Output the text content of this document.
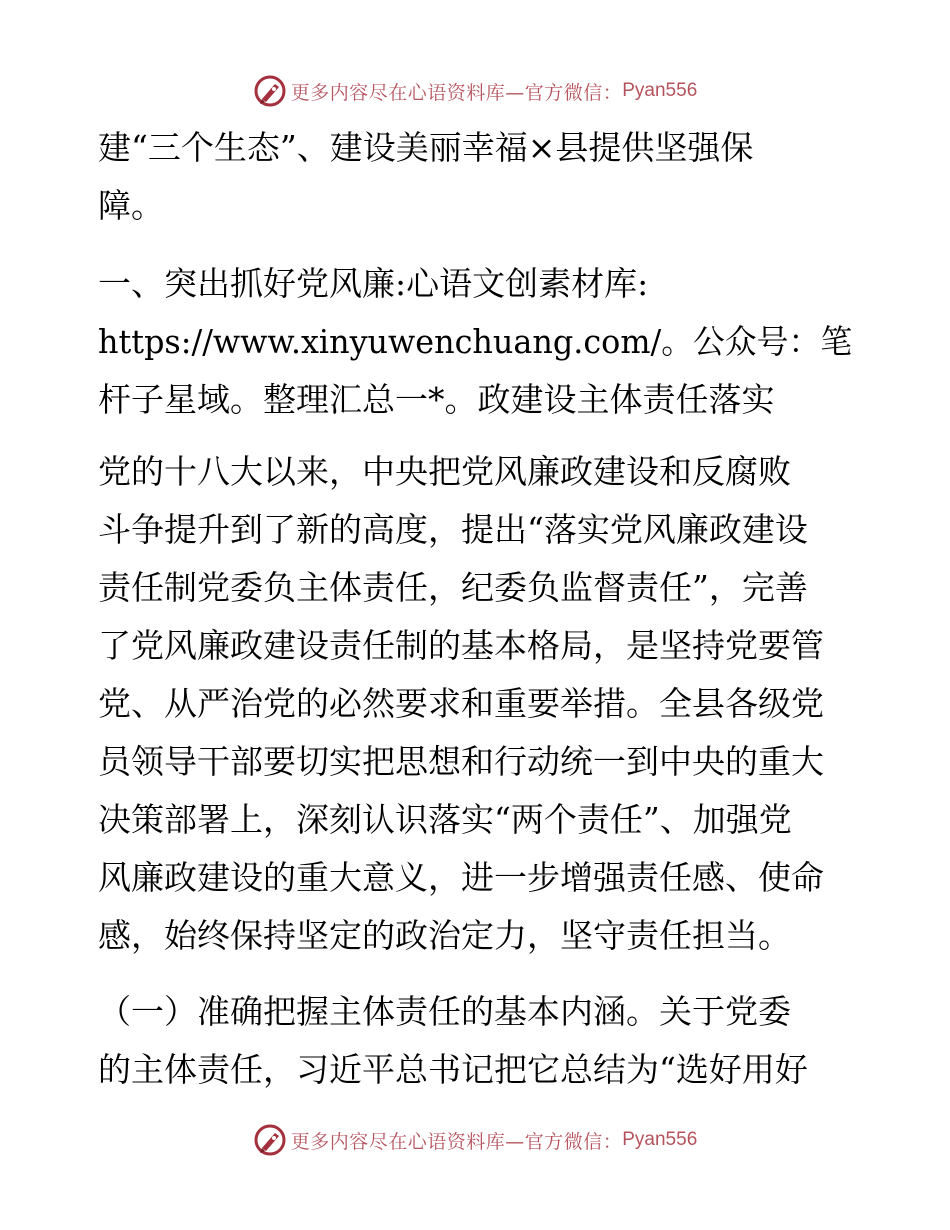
更多内容尽在心语资料库—官方微信： Pyan556
建“三个生态”、建设美丽幸福×县提供坚强保
障。
一、突出抓好党风廉:心语文创素材库:
https://www.xinyuwenchuang.com/。公众号：笔
杆子星域。整理汇总一*。政建设主体责任落实
党的十八大以来，中央把党风廉政建设和反腐败
斗争提升到了新的高度，提出“落实党风廉政建设
责任制党委负主体责任，纪委负监督责任”，完善
了党风廉政建设责任制的基本格局，是坚持党要管
党、从严治党的必然要求和重要举措。全县各级党
员领导干部要切实把思想和行动统一到中央的重大
决策部署上，深刻认识落实“两个责任”、加强党
风廉政建设的重大意义，进一步增强责任感、使命
感，始终保持坚定的政治定力，坚守责任担当。
（一）准确把握主体责任的基本内涵。关于党委
的主体责任，习近平总书记把它总结为“选好用好
更多内容尽在心语资料库—官方微信： Pyan556
